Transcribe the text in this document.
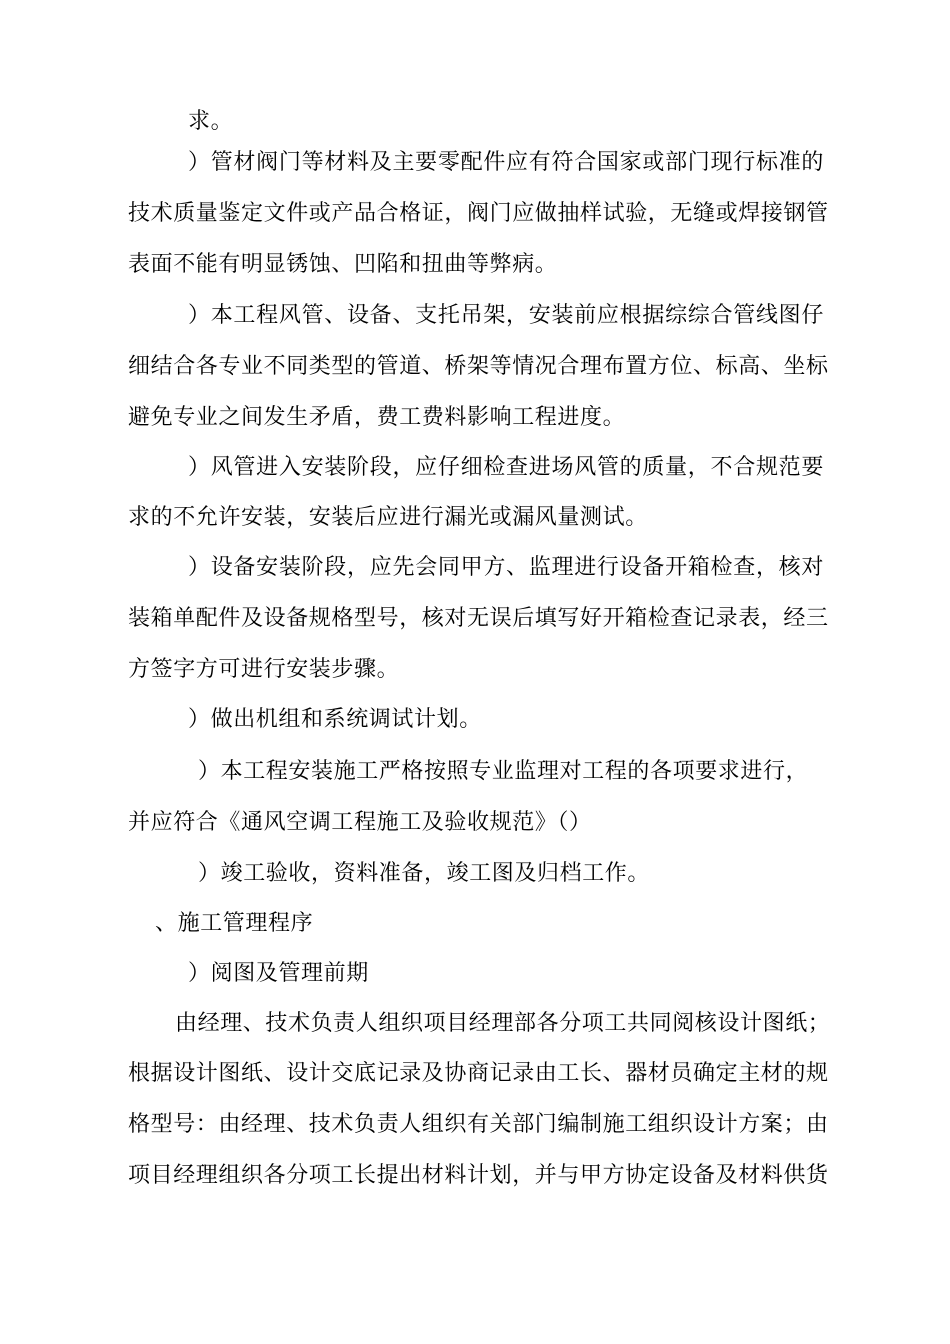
求。
）管材阀门等材料及主要零配件应有符合国家或部门现行标准的
技术质量鉴定文件或产品合格证，阀门应做抽样试验，无缝或焊接钢管
表面不能有明显锈蚀、凹陷和扭曲等弊病。
）本工程风管、设备、支托吊架，安装前应根据综综合管线图仔
细结合各专业不同类型的管道、桥架等情况合理布置方位、标高、坐标
避免专业之间发生矛盾，费工费料影响工程进度。
）风管进入安装阶段，应仔细检查进场风管的质量，不合规范要
求的不允许安装，安装后应进行漏光或漏风量测试。
）设备安装阶段，应先会同甲方、监理进行设备开箱检查，核对
装箱单配件及设备规格型号，核对无误后填写好开箱检查记录表，经三
方签字方可进行安装步骤。
）做出机组和系统调试计划。
）本工程安装施工严格按照专业监理对工程的各项要求进行，
并应符合《通风空调工程施工及验收规范》（）
）竣工验收，资料准备，竣工图及归档工作。
、施工管理程序
）阅图及管理前期
由经理、技术负责人组织项目经理部各分项工共同阅核设计图纸；
根据设计图纸、设计交底记录及协商记录由工长、器材员确定主材的规
格型号：由经理、技术负责人组织有关部门编制施工组织设计方案；由
项目经理组织各分项工长提出材料计划，并与甲方协定设备及材料供货
